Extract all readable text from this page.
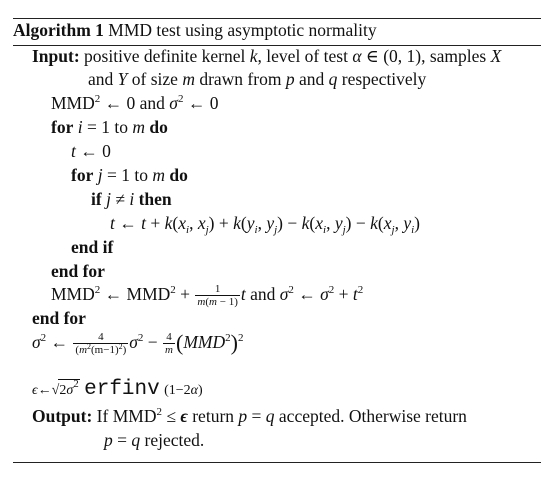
Algorithm 1 MMD test using asymptotic normality
Input: positive definite kernel k, level of test α ∈ (0, 1), samples X
and Y of size m drawn from p and q respectively
MMD$^2$ ← 0 and $\sigma^2$ ← 0
for i = 1 to m do
t ← 0
for j = 1 to m do
if j ≠ i then
t ← $t + k(x_i$, $x_j) + k(y_i$, $y_j) - k(x_i$, $y_j) - k(x_j$, $y_i$)
end if
end for
MMD$^2$ ← $MMD^2 + \frac{1}{m(m - 1)}$ t and $\sigma^2$ ← $\sigma^2 + t^2$
end for
$\sigma^2$ ← $\frac{4}{(m^2(m-1)^2)} \sigma^2 - \frac{4}{m} (MMD^2)^2$
$\epsilon\leftarrow√2\sigma^2$ erfinv (1−2α)
Output: If $MMD^2 \le \epsilon$ return p = q accepted. Otherwise return
p = q rejected.
